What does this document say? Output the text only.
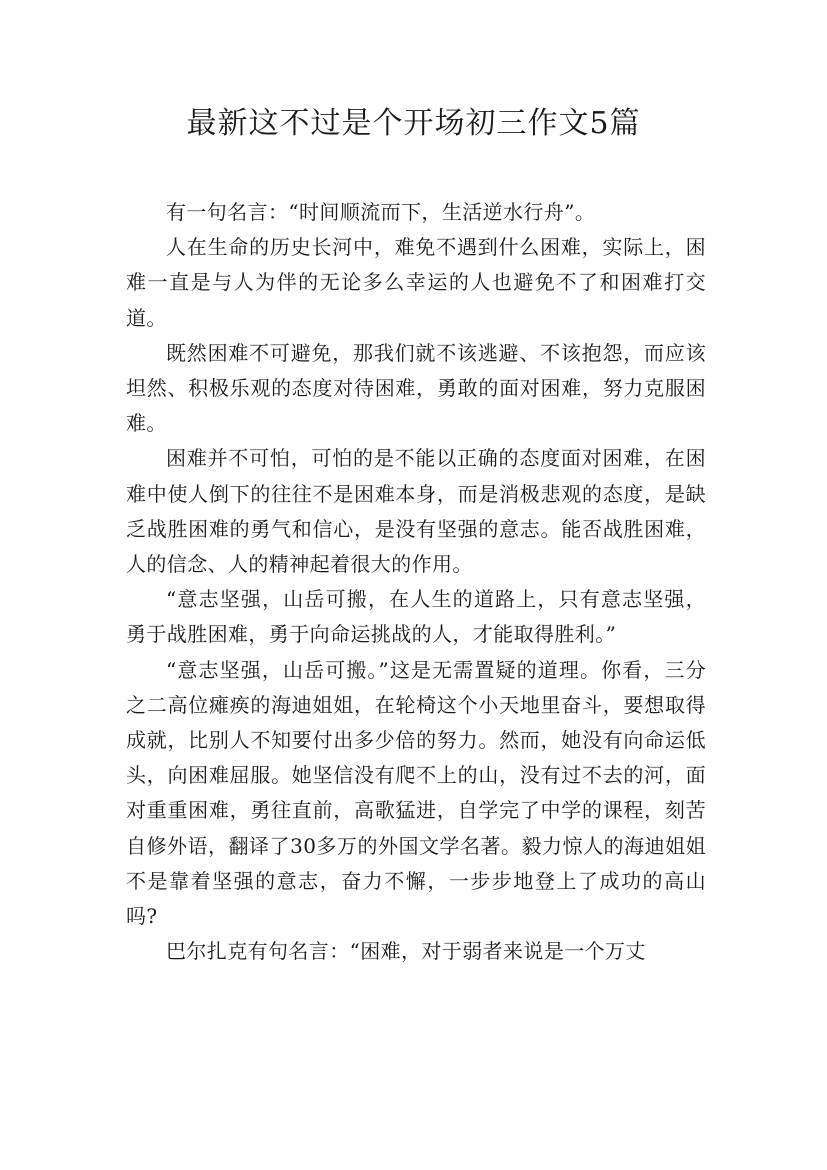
最新这不过是个开场初三作文5篇

有一句名言：“时间顺流而下，生活逆水行舟”。

人在生命的历史长河中，难免不遇到什么困难，实际上，困难一直是与人为伴的无论多么幸运的人也避免不了和困难打交道。

既然困难不可避免，那我们就不该逃避、不该抱怨，而应该坦然、积极乐观的态度对待困难，勇敢的面对困难，努力克服困难。

困难并不可怕，可怕的是不能以正确的态度面对困难，在困难中使人倒下的往往不是困难本身，而是消极悲观的态度，是缺乏战胜困难的勇气和信心，是没有坚强的意志。能否战胜困难，人的信念、人的精神起着很大的作用。

“意志坚强，山岳可搬，在人生的道路上，只有意志坚强，勇于战胜困难，勇于向命运挑战的人，才能取得胜利。”

“意志坚强，山岳可搬。”这是无需置疑的道理。你看，三分之二高位瘫痪的海迪姐姐，在轮椅这个小天地里奋斗，要想取得成就，比别人不知要付出多少倍的努力。然而，她没有向命运低头，向困难屈服。她坚信没有爬不上的山，没有过不去的河，面对重重困难，勇往直前，高歌猛进，自学完了中学的课程，刻苦自修外语，翻译了30多万的外国文学名著。毅力惊人的海迪姐姐不是靠着坚强的意志，奋力不懈，一步步地登上了成功的高山吗?

巴尔扎克有句名言：“困难，对于弱者来说是一个万丈
